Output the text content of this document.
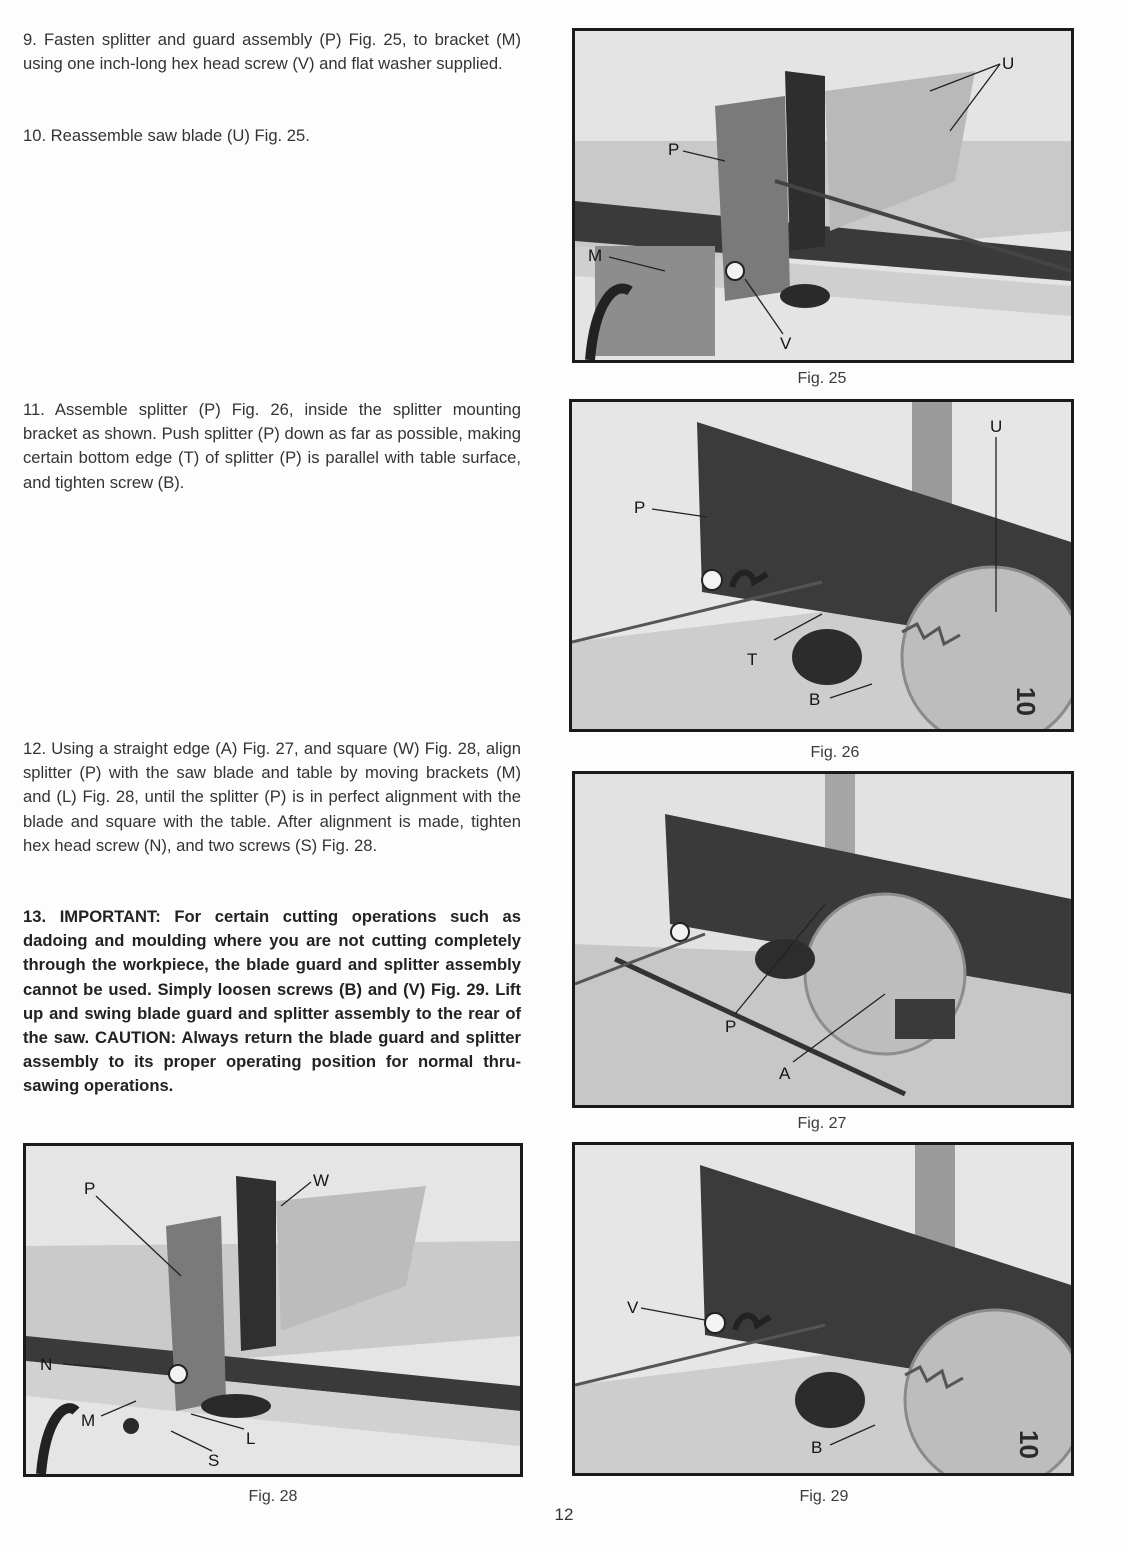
9. Fasten splitter and guard assembly (P) Fig. 25, to bracket (M) using one inch-long hex head screw (V) and flat washer supplied.

10. Reassemble saw blade (U) Fig. 25.

11. Assemble splitter (P) Fig. 26, inside the splitter mounting bracket as shown. Push splitter (P) down as far as possible, making certain bottom edge (T) of splitter (P) is parallel with table surface, and tighten screw (B).

12. Using a straight edge (A) Fig. 27, and square (W) Fig. 28, align splitter (P) with the saw blade and table by moving brackets (M) and (L) Fig. 28, until the splitter (P) is in perfect alignment with the blade and square with the table. After alignment is made, tighten hex head screw (N), and two screws (S) Fig. 28.

13. IMPORTANT: For certain cutting operations such as dadoing and moulding where you are not cutting completely through the workpiece, the blade guard and splitter assembly cannot be used. Simply loosen screws (B) and (V) Fig. 29. Lift up and swing blade guard and splitter assembly to the rear of the saw. CAUTION: Always return the blade guard and splitter assembly to its proper operating position for normal thru-sawing operations.

U
P
M
V
Fig. 25
10
U
P
T
B
Fig. 26
P
A
Fig. 27
W
P
N
M
L
S
Fig. 28
10
V
B
Fig. 29
12
